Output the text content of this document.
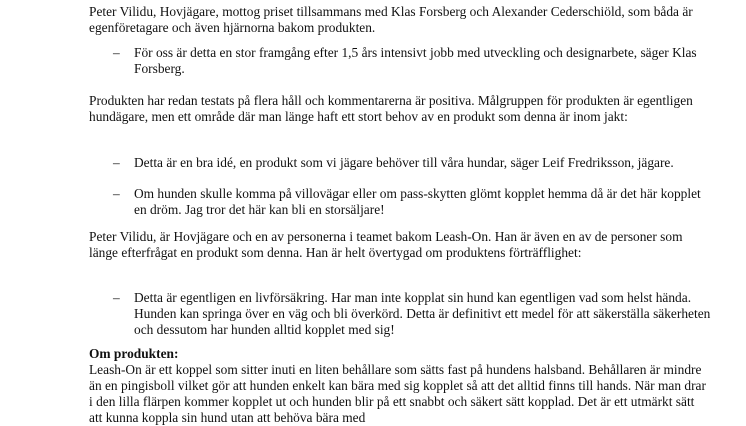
Peter Vilidu, Hovjägare, mottog priset tillsammans med Klas Forsberg och Alexander Cederschiöld, som båda är egenföretagare och även hjärnorna bakom produkten.

– För oss är detta en stor framgång efter 1,5 års intensivt jobb med utveckling och designarbete, säger Klas Forsberg.

Produkten har redan testats på flera håll och kommentarerna är positiva. Målgruppen för produkten är egentligen hundägare, men ett område där man länge haft ett stort behov av en produkt som denna är inom jakt:

– Detta är en bra idé, en produkt som vi jägare behöver till våra hundar, säger Leif Fredriksson, jägare.
– Om hunden skulle komma på villovägar eller om pass-skytten glömt kopplet hemma då är det här kopplet en dröm. Jag tror det här kan bli en storsäljare!

Peter Vilidu, är Hovjägare och en av personerna i teamet bakom Leash-On. Han är även en av de personer som länge efterfrågat en produkt som denna. Han är helt övertygad om produktens förträfflighet:

– Detta är egentligen en livförsäkring. Har man inte kopplat sin hund kan egentligen vad som helst hända. Hunden kan springa över en väg och bli överkörd. Detta är definitivt ett medel för att säkerställa säkerheten och dessutom har hunden alltid kopplet med sig!
Om produkten:

Leash-On är ett koppel som sitter inuti en liten behållare som sätts fast på hundens halsband. Behållaren är mindre än en pingisboll vilket gör att hunden enkelt kan bära med sig kopplet så att det alltid finns till hands. När man drar i den lilla flärpen kommer kopplet ut och hunden blir på ett snabbt och säkert sätt kopplad. Det är ett utmärkt sätt att kunna koppla sin hund utan att behöva bära med
